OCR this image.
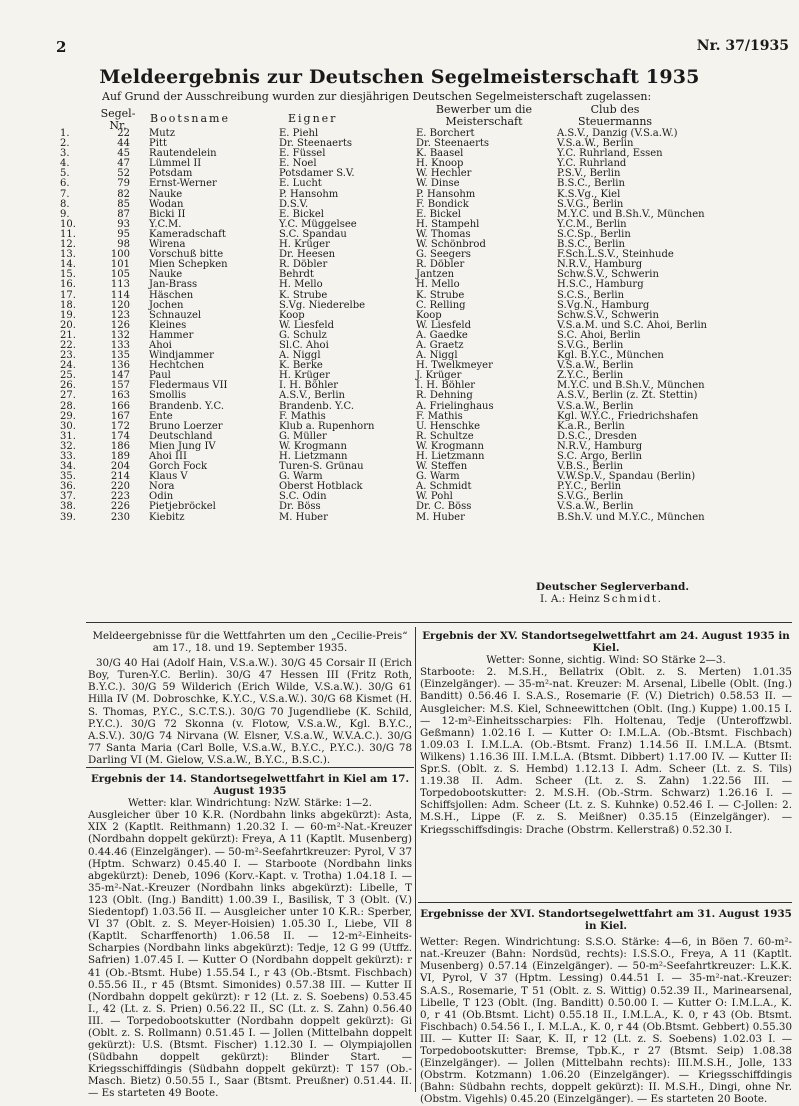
2	Nr. 37/1935
Meldeergebnis zur Deutschen Segelmeisterschaft 1935
Auf Grund der Ausschreibung wurden zur diesjährigen Deutschen Segelmeisterschaft zugelassen:
Segel-
Nr.
Bootsname	Eigner
Bewerber um die
Meisterschaft
Club des
Steuermanns
1.	22 Mutz	E. Piehl	E. Borchert	A.S.V., Danzig (V.S.a.W.)
2.	44 Pitt	Dr. Steenaerts	Dr. Steenaerts	V.S.a.W., Berlin
3.	45 Rautendelein	E. Füssel	K. Baasel	Y.C. Ruhrland, Essen
4.	47 Lümmel II	E. Noel	H. Knoop	Y.C. Ruhrland
5.	52 Potsdam	Potsdamer S.V.	W. Hechler	P.S.V., Berlin
6.	79 Ernst-Werner	E. Lucht	W. Dinse	B.S.C., Berlin
7.	82 Nauke	P. Hansohm	P. Hansohm	K.S.Vg., Kiel
8.	85 Wodan	D.S.V.	F. Bondick	S.V.G., Berlin
9.	87 Bicki II	E. Bickel	E. Bickel	M.Y.C. und B.Sh.V., München
10.	93 Y.C.M.	Y.C. Müggelsee	H. Stampehl	Y.C.M., Berlin
11.	95 Kameradschaft	S.C. Spandau	W. Thomas	S.C.Sp., Berlin
12.	98 Wirena	H. Krüger	W. Schönbrod	B.S.C., Berlin
13.	100 Vorschuß bitte	Dr. Heesen	G. Seegers	F.Sch.L.S.V., Steinhude
14.	101 Mien Schepken	R. Döbler	R. Döbler	N.R.V., Hamburg
15.	105 Nauke	Behrdt	Jantzen	Schw.S.V., Schwerin
16.	113 Jan-Brass	H. Mello	H. Mello	H.S.C., Hamburg
17.	114 Häschen	K. Strube	K. Strube	S.C.S., Berlin
18.	120 Jochen	S.Vg. Niederelbe	C. Relling	S.Vg.N., Hamburg
19.	123 Schnauzel	Koop	Koop	Schw.S.V., Schwerin
20.	126 Kleines	W. Liesfeld	W. Liesfeld	V.S.a.M. und S.C. Ahoi, Berlin
21.	132 Hammer	G. Schulz	A. Gaedke	S.C. Ahoi, Berlin
22.	133 Ahoi	Sl.C. Ahoi	A. Graetz	S.V.G., Berlin
23.	135 Windjammer	A. Niggl	A. Niggl	Kgl. B.Y.C., München
24.	136 Hechtchen	K. Berke	H. Twelkmeyer	V.S.a.W., Berlin
25.	147 Paul	H. Krüger	J. Krüger	Z.Y.C., Berlin
26.	157 Fledermaus VII	I. H. Böhler	I. H. Böhler	M.Y.C. und B.Sh.V., München
27.	163 Smollis	A.S.V., Berlin	R. Dehning	A.S.V., Berlin (z. Zt. Stettin)
28.	166 Brandenb. Y.C.	Brandenb. Y.C.	A. Frielinghaus	V.S.a.W., Berlin
29.	167 Ente	F. Mathis	F. Mathis	Kgl. W.Y.C., Friedrichshafen
30.	172 Bruno Loerzer	Klub a. Rupenhorn	U. Henschke	K.a.R., Berlin
31.	174 Deutschland	G. Müller	R. Schultze	D.S.C., Dresden
32.	186 Mien Jung IV	W. Krogmann	W. Krogmann	N.R.V., Hamburg
33.	189 Ahoi III	H. Lietzmann	H. Lietzmann	S.C. Argo, Berlin
34.	204 Gorch Fock	Turen-S. Grünau	W. Steffen	V.B.S., Berlin
35.	214 Klaus V	G. Warm	G. Warm	V.W.Sp.V., Spandau (Berlin)
36.	220 Nora	Oberst Hotblack	A. Schmidt	P.Y.C., Berlin
37.	223 Odin	S.C. Odin	W. Pohl	S.V.G., Berlin
38.	226 Pietjebröckel	Dr. Böss	Dr. C. Böss	V.S.a.W., Berlin
39.	230 Kiebitz	M. Huber	M. Huber	B.Sh.V. und M.Y.C., München
Deutscher Seglerverband.
I. A.: Heinz Schmidt.
Meldeergebnisse für die Wettfahrten um den „Cecilie-Preis“ am 17., 18. und 19. September 1935.

30/G 40 Hai (Adolf Hain, V.S.a.W.). 30/G 45 Corsair II (Erich Boy, Turen-Y.C. Berlin). 30/G 47 Hessen III (Fritz Roth, B.Y.C.). 30/G 59 Wilderich (Erich Wilde, V.S.a.W.). 30/G 61 Hilla IV (M. Dobroschke, K.Y.C., V.S.a.W.). 30/G 68 Kismet (H. S. Thomas, P.Y.C., S.C.T.S.). 30/G 70 Jugendliebe (K. Schild, P.Y.C.). 30/G 72 Skonna (v. Flotow, V.S.a.W., Kgl. B.Y.C., A.S.V.). 30/G 74 Nirvana (W. Elsner, V.S.a.W., W.V.A.C.). 30/G 77 Santa Maria (Carl Bolle, V.S.a.W., B.Y.C., P.Y.C.). 30/G 78 Darling VI (M. Gielow, V.S.a.W., B.Y.C., B.S.C.).

Ergebnis der 14. Standortsegelwettfahrt in Kiel am 17. August 1935
Wetter: klar. Windrichtung: NzW. Stärke: 1—2.

Ausgleicher über 10 K.R. (Nordbahn links abgekürzt): Asta, XIX 2 (Kaptlt. Reithmann) 1.20.32 I. — 60-m²-Nat.-Kreuzer (Nordbahn doppelt gekürzt): Freya, A 11 (Kaptlt. Musenberg) 0.44.46 (Einzelgänger). — 50-m²-Seefahrtkreuzer: Pyrol, V 37 (Hptm. Schwarz) 0.45.40 I. — Starboote (Nordbahn links abgekürzt): Deneb, 1096 (Korv.-Kapt. v. Trotha) 1.04.18 I. — 35-m²-Nat.-Kreuzer (Nordbahn links abgekürzt): Libelle, T 123 (Oblt. (Ing.) Banditt) 1.00.39 I., Basilisk, T 3 (Oblt. (V.) Siedentopf) 1.03.56 II. — Ausgleicher unter 10 K.R.: Sperber, VI 37 (Oblt. z. S. Meyer-Hoisien) 1.05.30 I., Liebe, VII 8 (Kaptlt. Scharffenorth) 1.06.58 II. — 12-m²-Einheits-Scharpies (Nordbahn links abgekürzt): Tedje, 12 G 99 (Utffz. Safrien) 1.07.45 I. — Kutter O (Nordbahn doppelt gekürzt): r 41 (Ob.-Btsmt. Hube) 1.55.54 I., r 43 (Ob.-Btsmt. Fischbach) 0.55.56 II., r 45 (Btsmt. Simonides) 0.57.38 III. — Kutter II (Nordbahn doppelt gekürzt): r 12 (Lt. z. S. Soebens) 0.53.45 I., 42 (Lt. z. S. Prien) 0.56.22 II., SC (Lt. z. S. Zahn) 0.56.40 III. — Torpedobootskutter (Nordbahn doppelt gekürzt): Gi (Oblt. z. S. Rollmann) 0.51.45 I. — Jollen (Mittelbahn doppelt gekürzt): U.S. (Btsmt. Fischer) 1.12.30 I. — Olympiajollen (Südbahn doppelt gekürzt): Blinder Start. — Kriegsschiffdingis (Südbahn doppelt gekürzt): T 157 (Ob.-Masch. Bietz) 0.50.55 I., Saar (Btsmt. Preußner) 0.51.44. II. — Es starteten 49 Boote.

Ergebnis der XV. Standortsegelwettfahrt am 24. August 1935 in Kiel.
Wetter: Sonne, sichtig. Wind: SO Stärke 2—3.

Starboote: 2. M.S.H., Bellatrix (Oblt. z. S. Merten) 1.01.35 (Einzelgänger). — 35-m²-nat. Kreuzer: M. Arsenal, Libelle (Oblt. (Ing.) Banditt) 0.56.46 I. S.A.S., Rosemarie (F. (V.) Dietrich) 0.58.53 II. — Ausgleicher: M.S. Kiel, Schneewittchen (Oblt. (Ing.) Kuppe) 1.00.15 I. — 12-m²-Einheitsscharpies: Flh. Holtenau, Tedje (Unteroffzwbl. Geßmann) 1.02.16 I. — Kutter O: I.M.L.A. (Ob.-Btsmt. Fischbach) 1.09.03 I. I.M.L.A. (Ob.-Btsmt. Franz) 1.14.56 II. I.M.L.A. (Btsmt. Wilkens) 1.16.36 III. I.M.L.A. (Btsmt. Dibbert) 1.17.00 IV. — Kutter II: Spr.S. (Oblt. z. S. Hembd) 1.12.13 I. Adm. Scheer (Lt. z. S. Tils) 1.19.38 II. Adm. Scheer (Lt. z. S. Zahn) 1.22.56 III. — Torpedobootskutter: 2. M.S.H. (Ob.-Strm. Schwarz) 1.26.16 I. — Schiffsjollen: Adm. Scheer (Lt. z. S. Kuhnke) 0.52.46 I. — C-Jollen: 2. M.S.H., Lippe (F. z. S. Meißner) 0.35.15 (Einzelgänger). — Kriegsschiffsdingis: Drache (Obstrm. Kellerstraß) 0.52.30 I.

Ergebnisse der XVI. Standortsegelwettfahrt am 31. August 1935 in Kiel.

Wetter: Regen. Windrichtung: S.S.O. Stärke: 4—6, in Böen 7. 60-m²-nat.-Kreuzer (Bahn: Nordsüd, rechts): I.S.S.O., Freya, A 11 (Kaptlt. Musenberg) 0.57.14 (Einzelgänger). — 50-m²-Seefahrtkreuzer: L.K.K. VI, Pyrol, V 37 (Hptm. Lessing) 0.44.51 I. — 35-m²-nat.-Kreuzer: S.A.S., Rosemarie, T 51 (Oblt. z. S. Wittig) 0.52.39 II., Marinearsenal, Libelle, T 123 (Oblt. (Ing. Banditt) 0.50.00 I. — Kutter O: I.M.L.A., K. 0, r 41 (Ob.Btsmt. Licht) 0.55.18 II., I.M.L.A., K. 0, r 43 (Ob. Btsmt. Fischbach) 0.54.56 I., I. M.L.A., K. 0, r 44 (Ob.Btsmt. Gebbert) 0.55.30 III. — Kutter II: Saar, K. II, r 12 (Lt. z. S. Soebens) 1.02.03 I. — Torpedobootskutter: Bremse, Tpb.K., r 27 (Btsmt. Seip) 1.08.38 (Einzelgänger). — Jollen (Mittelbahn rechts): III.M.S.H., Jolle, 133 (Obstrm. Kotzmann) 1.06.20 (Einzelgänger). — Kriegsschiffdingis (Bahn: Südbahn rechts, doppelt gekürzt): II. M.S.H., Dingi, ohne Nr. (Obstm. Vigehls) 0.45.20 (Einzelgänger). — Es starteten 20 Boote.
